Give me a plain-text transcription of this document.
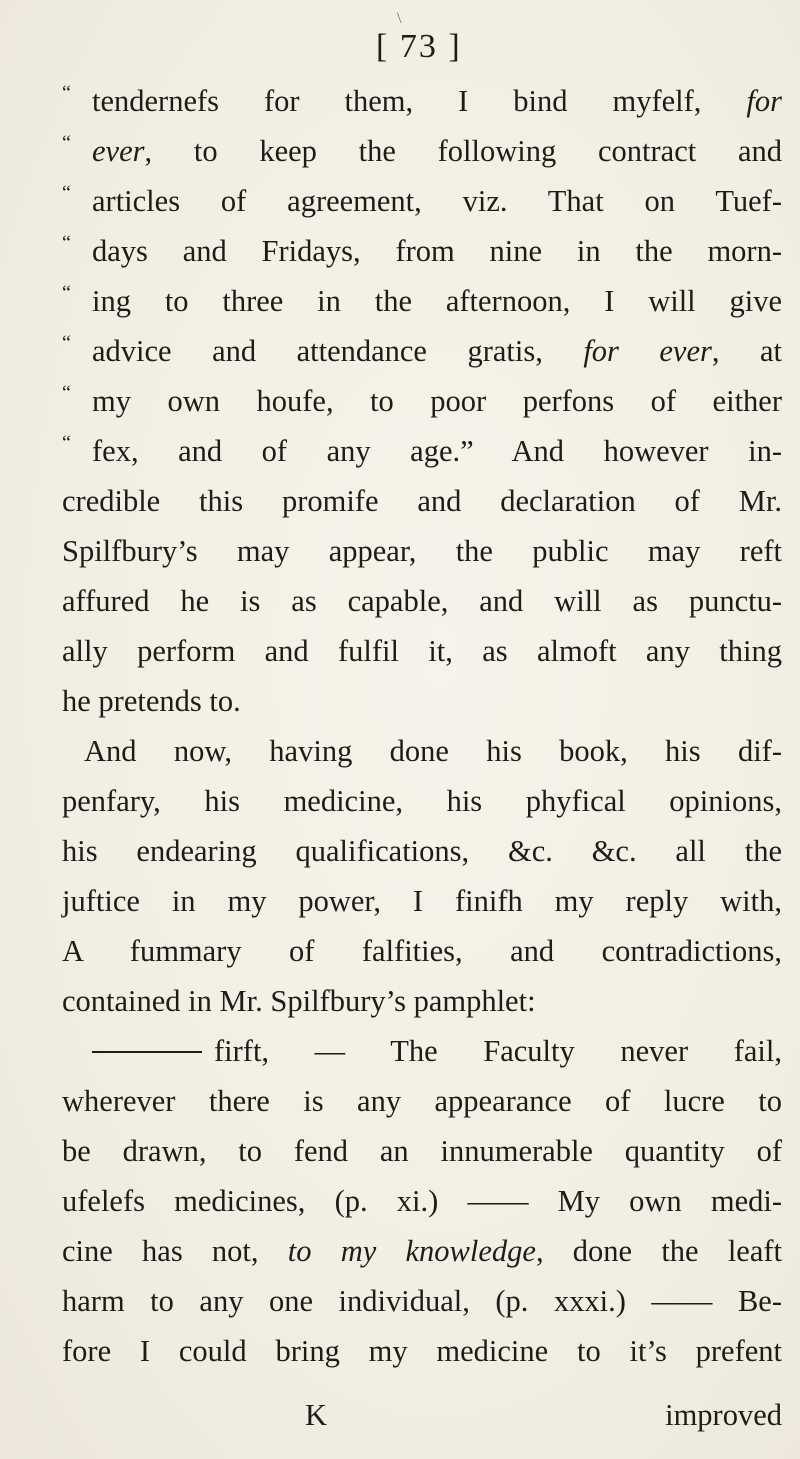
\
[ 73 ]
“ tendernefs for them, I bind myfelf, for
“ ever, to keep the following contract and
“ articles of agreement, viz. That on Tuef-
“ days and Fridays, from nine in the morn-
“ ing to three in the afternoon, I will give
“ advice and attendance gratis, for ever, at
“ my own houfe, to poor perfons of either
“ fex, and of any age.” And however in-
credible this promife and declaration of Mr.
Spilfbury’s may appear, the public may reft
affured he is as capable, and will as punctu-
ally perform and fulfil it, as almoft any thing
he pretends to.
And now, having done his book, his dif-
penfary, his medicine, his phyfical opinions,
his endearing qualifications, &c. &c. all the
juftice in my power, I finifh my reply with,
A fummary of falfities, and contradictions,
contained in Mr. Spilfbury’s pamphlet:
firft, — The Faculty never fail,
wherever there is any appearance of lucre to
be drawn, to fend an innumerable quantity of
ufelefs medicines, (p. xi.) —— My own medi-
cine has not, to my knowledge, done the leaft
harm to any one individual, (p. xxxi.) —— Be-
fore I could bring my medicine to it’s prefent
K	improved
